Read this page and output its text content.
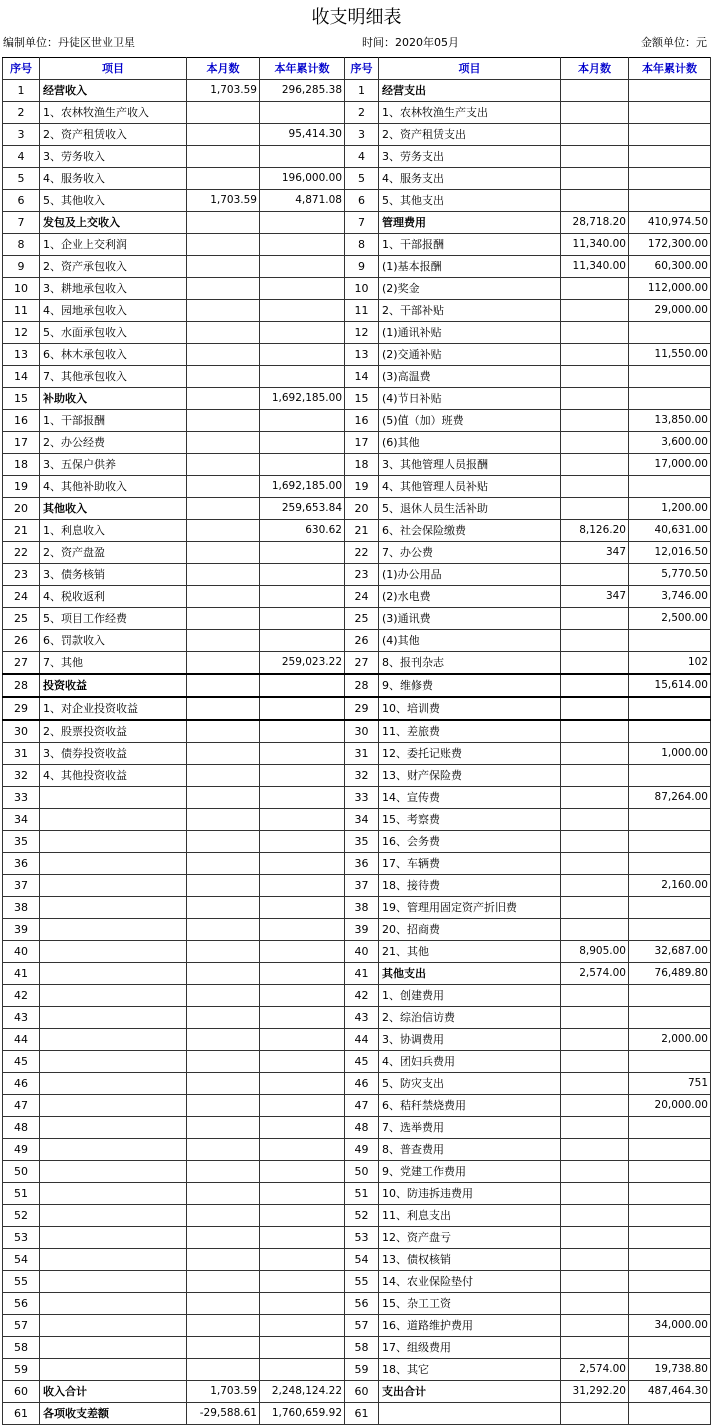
收支明细表
编制单位：丹徒区世业卫星	时间：2020年05月	金额单位：元
序号	项目	本月数	本年累计数	序号	项目	本月数	本年累计数
1	经营收入	1,703.59	296,285.38	1	经营支出		
2	1、农林牧渔生产收入			2	1、农林牧渔生产支出		
3	2、资产租赁收入		95,414.30	3	2、资产租赁支出		
4	3、劳务收入			4	3、劳务支出		
5	4、服务收入		196,000.00	5	4、服务支出		
6	5、其他收入	1,703.59	4,871.08	6	5、其他支出		
7	发包及上交收入			7	管理费用	28,718.20	410,974.50
8	1、企业上交利润			8	1、干部报酬	11,340.00	172,300.00
9	2、资产承包收入			9	(1)基本报酬	11,340.00	60,300.00
10	3、耕地承包收入			10	(2)奖金		112,000.00
11	4、园地承包收入			11	2、干部补贴		29,000.00
12	5、水面承包收入			12	(1)通讯补贴		
13	6、林木承包收入			13	(2)交通补贴		11,550.00
14	7、其他承包收入			14	(3)高温费		
15	补助收入		1,692,185.00	15	(4)节日补贴		
16	1、干部报酬			16	(5)值（加）班费		13,850.00
17	2、办公经费			17	(6)其他		3,600.00
18	3、五保户供养			18	3、其他管理人员报酬		17,000.00
19	4、其他补助收入		1,692,185.00	19	4、其他管理人员补贴		
20	其他收入		259,653.84	20	5、退休人员生活补助		1,200.00
21	1、利息收入		630.62	21	6、社会保险缴费	8,126.20	40,631.00
22	2、资产盘盈			22	7、办公费	347	12,016.50
23	3、债务核销			23	(1)办公用品		5,770.50
24	4、税收返利			24	(2)水电费	347	3,746.00
25	5、项目工作经费			25	(3)通讯费		2,500.00
26	6、罚款收入			26	(4)其他		
27	7、其他		259,023.22	27	8、报刊杂志		102
28	投资收益			28	9、维修费		15,614.00
29	1、对企业投资收益			29	10、培训费		
30	2、股票投资收益			30	11、差旅费		
31	3、债券投资收益			31	12、委托记账费		1,000.00
32	4、其他投资收益			32	13、财产保险费		
33				33	14、宣传费		87,264.00
34				34	15、考察费		
35				35	16、会务费		
36				36	17、车辆费		
37				37	18、接待费		2,160.00
38				38	19、管理用固定资产折旧费		
39				39	20、招商费		
40				40	21、其他	8,905.00	32,687.00
41				41	其他支出	2,574.00	76,489.80
42				42	1、创建费用		
43				43	2、综治信访费		
44				44	3、协调费用		2,000.00
45				45	4、团妇兵费用		
46				46	5、防灾支出		751
47				47	6、秸秆禁烧费用		20,000.00
48				48	7、选举费用		
49				49	8、普查费用		
50				50	9、党建工作费用		
51				51	10、防违拆违费用		
52				52	11、利息支出		
53				53	12、资产盘亏		
54				54	13、债权核销		
55				55	14、农业保险垫付		
56				56	15、杂工工资		
57				57	16、道路维护费用		34,000.00
58				58	17、组级费用		
59				59	18、其它	2,574.00	19,738.80
60	收入合计	1,703.59	2,248,124.22	60	支出合计	31,292.20	487,464.30
61	各项收支差额	-29,588.61	1,760,659.92	61			
